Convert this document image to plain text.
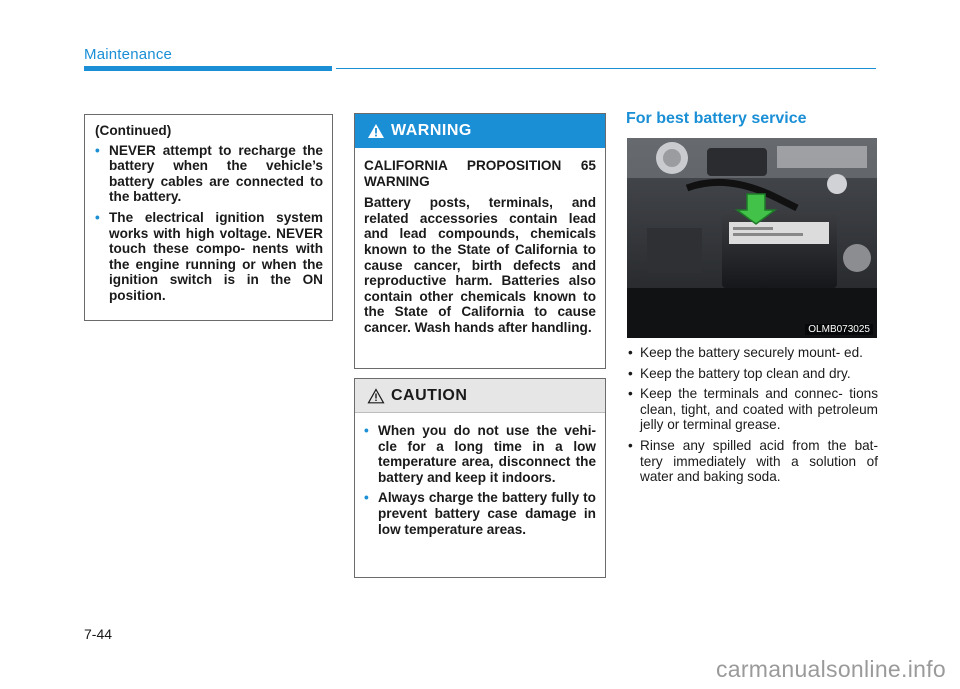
Maintenance
(Continued)
• NEVER attempt to recharge the battery when the vehicle’s battery cables are connected to the battery.
• The electrical ignition system works with high voltage. NEVER touch these compo- nents with the engine running or when the ignition switch is in the ON position.
WARNING

CALIFORNIA PROPOSITION 65 WARNING

Battery posts, terminals, and related accessories contain lead and lead compounds, chemicals known to the State of California to cause cancer, birth defects and reproductive harm. Batteries also contain other chemicals known to the State of California to cause cancer. Wash hands after handling.

CAUTION
• When you do not use the vehi- cle for a long time in a low temperature area, disconnect the battery and keep it indoors.
• Always charge the battery fully to prevent battery case damage in low temperature areas.
For best battery service
OLMB073025
• Keep the battery securely mount- ed.
• Keep the battery top clean and dry.
• Keep the terminals and connec- tions clean, tight, and coated with petroleum jelly or terminal grease.
• Rinse any spilled acid from the bat- tery immediately with a solution of water and baking soda.
7-44
carmanualsonline.info
